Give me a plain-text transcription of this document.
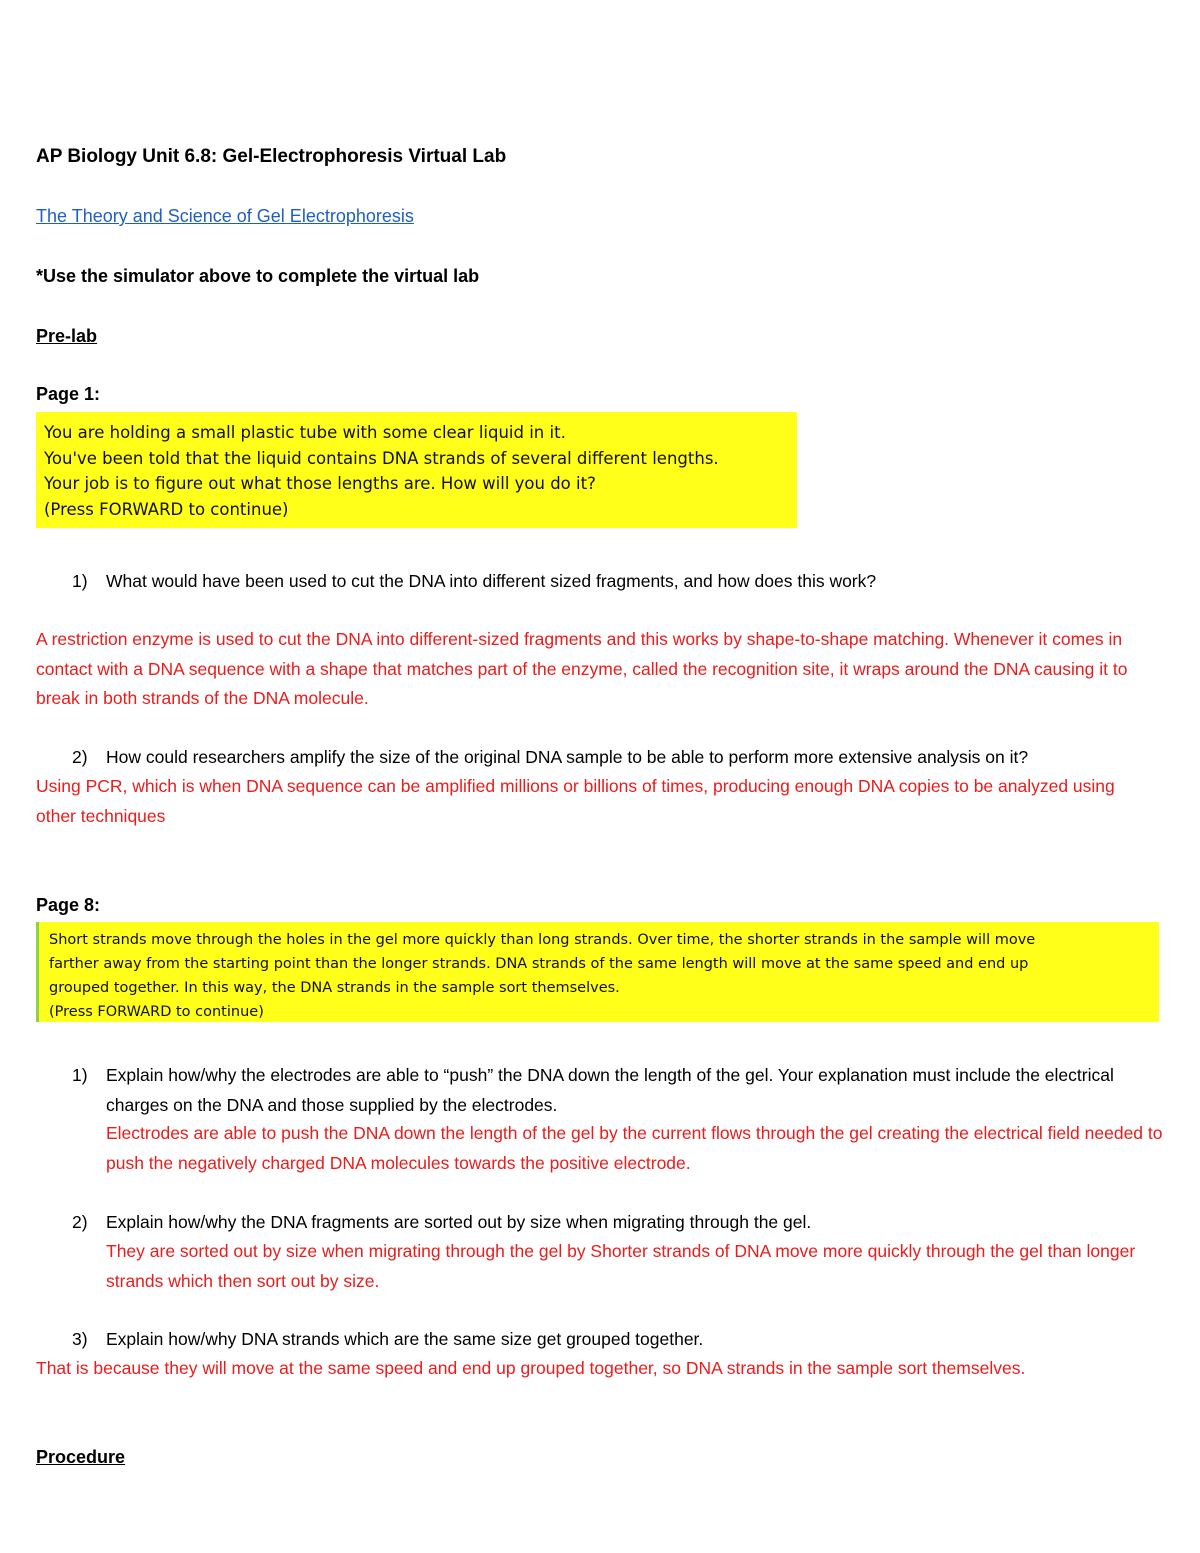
AP Biology Unit 6.8: Gel-Electrophoresis Virtual Lab
The Theory and Science of Gel Electrophoresis
*Use the simulator above to complete the virtual lab
Pre-lab
Page 1:
You are holding a small plastic tube with some clear liquid in it.
You've been told that the liquid contains DNA strands of several different lengths.
Your job is to figure out what those lengths are. How will you do it?
(Press FORWARD to continue)
1) What would have been used to cut the DNA into different sized fragments, and how does this work?
A restriction enzyme is used to cut the DNA into different-sized fragments and this works by shape-to-shape matching. Whenever it comes in contact with a DNA sequence with a shape that matches part of the enzyme, called the recognition site, it wraps around the DNA causing it to break in both strands of the DNA molecule.
2) How could researchers amplify the size of the original DNA sample to be able to perform more extensive analysis on it?
Using PCR, which is when DNA sequence can be amplified millions or billions of times, producing enough DNA copies to be analyzed using other techniques
Page 8:
Short strands move through the holes in the gel more quickly than long strands. Over time, the shorter strands in the sample will move
farther away from the starting point than the longer strands. DNA strands of the same length will move at the same speed and end up
grouped together. In this way, the DNA strands in the sample sort themselves.
(Press FORWARD to continue)
1) Explain how/why the electrodes are able to “push” the DNA down the length of the gel. Your explanation must include the electrical charges on the DNA and those supplied by the electrodes.
Electrodes are able to push the DNA down the length of the gel by the current flows through the gel creating the electrical field needed to push the negatively charged DNA molecules towards the positive electrode.
2) Explain how/why the DNA fragments are sorted out by size when migrating through the gel.
They are sorted out by size when migrating through the gel by Shorter strands of DNA move more quickly through the gel than longer strands which then sort out by size.
3) Explain how/why DNA strands which are the same size get grouped together.
That is because they will move at the same speed and end up grouped together, so DNA strands in the sample sort themselves.
Procedure
